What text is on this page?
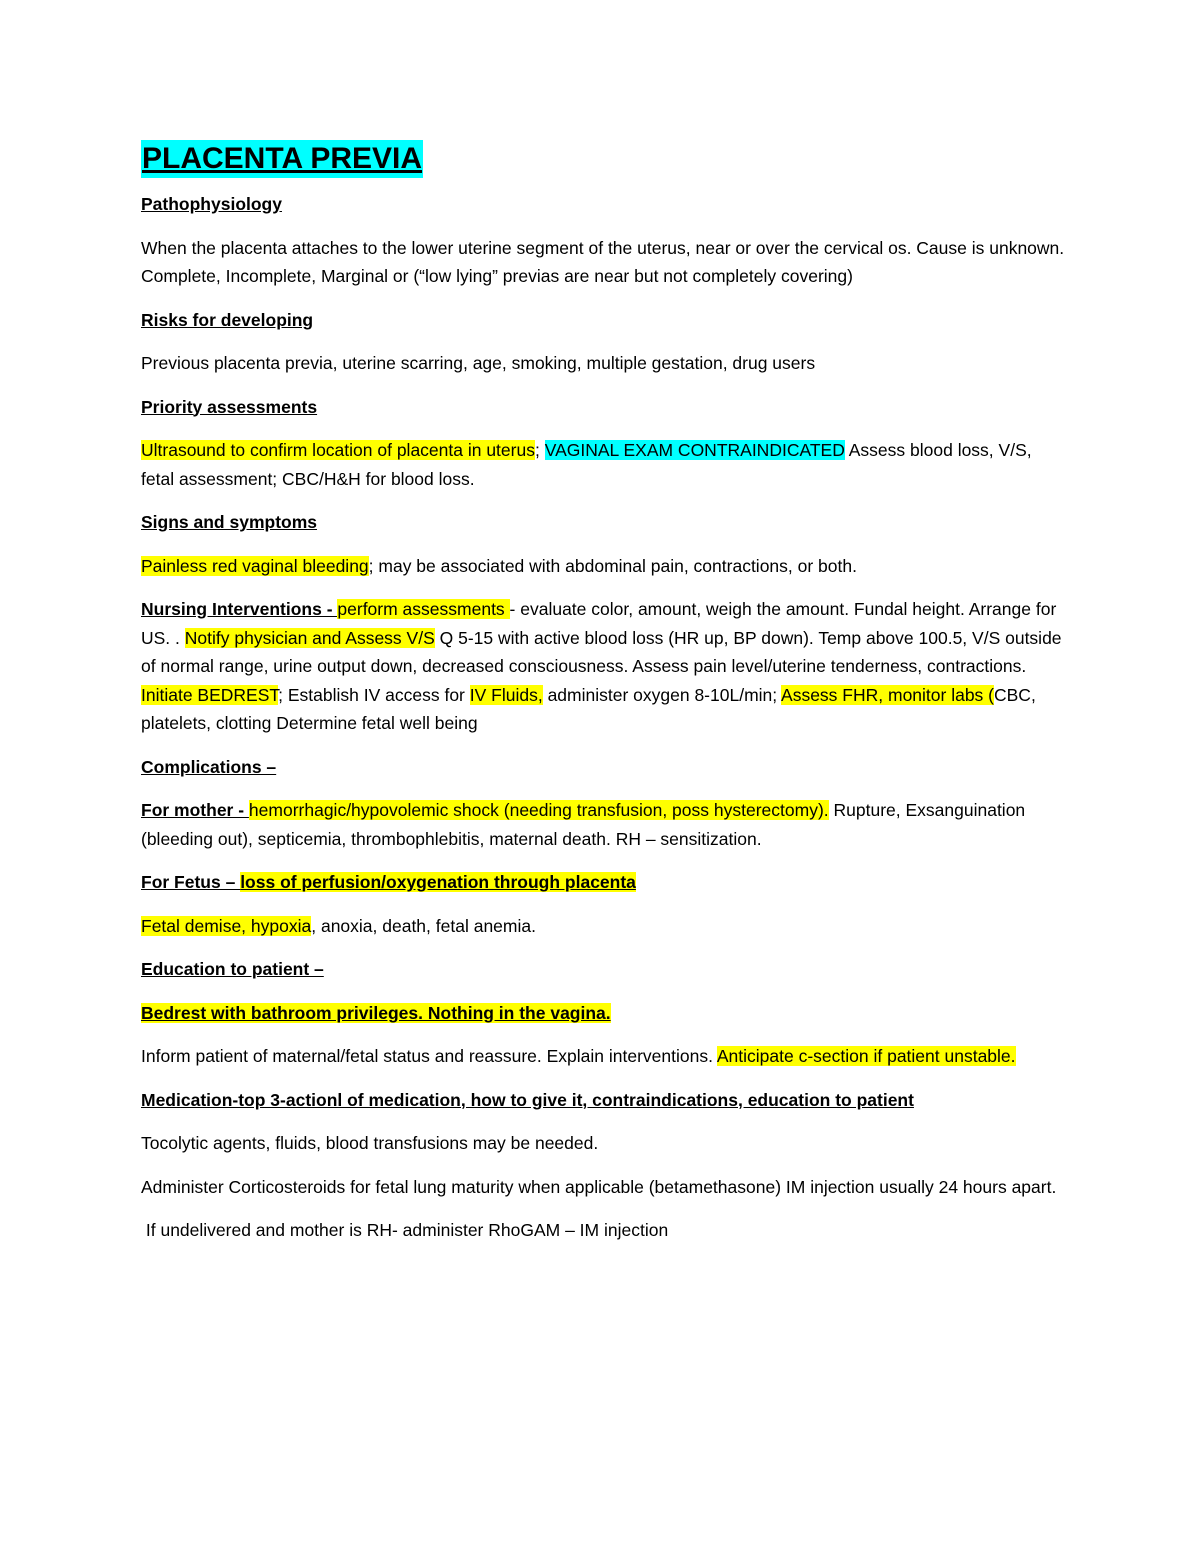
PLACENTA PREVIA

Pathophysiology

When the placenta attaches to the lower uterine segment of the uterus, near or over the cervical os. Cause is unknown. Complete, Incomplete, Marginal or (“low lying” previas are near but not completely covering)

Risks for developing

Previous placenta previa, uterine scarring, age, smoking, multiple gestation, drug users

Priority assessments

Ultrasound to confirm location of placenta in uterus; VAGINAL EXAM CONTRAINDICATED Assess blood loss, V/S, fetal assessment; CBC/H&H for blood loss.

Signs and symptoms

Painless red vaginal bleeding; may be associated with abdominal pain, contractions, or both.

Nursing Interventions - perform assessments - evaluate color, amount, weigh the amount. Fundal height. Arrange for US. . Notify physician and Assess V/S Q 5-15 with active blood loss (HR up, BP down). Temp above 100.5, V/S outside of normal range, urine output down, decreased consciousness. Assess pain level/uterine tenderness, contractions. Initiate BEDREST; Establish IV access for IV Fluids, administer oxygen 8-10L/min; Assess FHR, monitor labs (CBC, platelets, clotting Determine fetal well being

Complications –

For mother - hemorrhagic/hypovolemic shock (needing transfusion, poss hysterectomy). Rupture, Exsanguination (bleeding out), septicemia, thrombophlebitis, maternal death. RH – sensitization.

For Fetus – loss of perfusion/oxygenation through placenta

Fetal demise, hypoxia, anoxia, death, fetal anemia.

Education to patient –

Bedrest with bathroom privileges. Nothing in the vagina.

Inform patient of maternal/fetal status and reassure. Explain interventions. Anticipate c-section if patient unstable.

Medication-top 3-actionl of medication, how to give it, contraindications, education to patient

Tocolytic agents, fluids, blood transfusions may be needed.

Administer Corticosteroids for fetal lung maturity when applicable (betamethasone) IM injection usually 24 hours apart.

If undelivered and mother is RH- administer RhoGAM – IM injection
